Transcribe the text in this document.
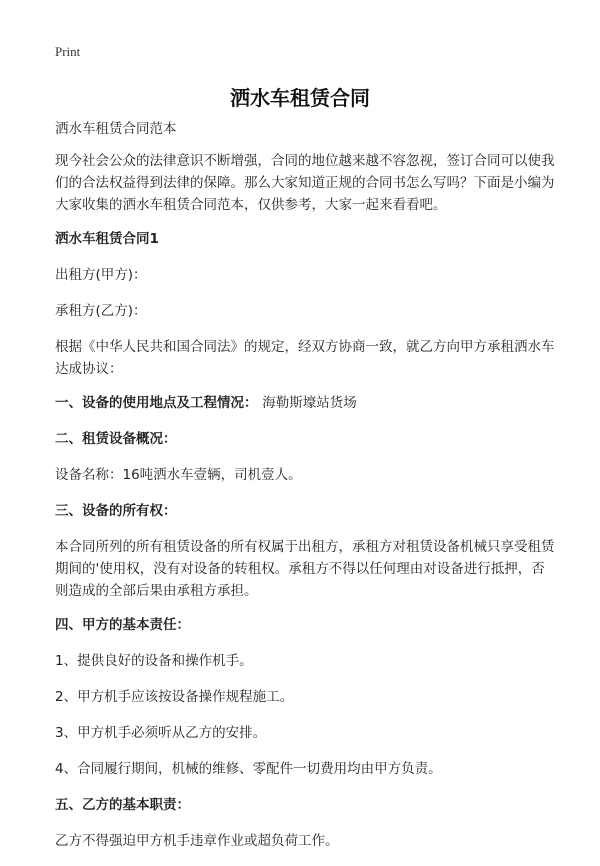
Print
洒水车租赁合同

洒水车租赁合同范本

现今社会公众的法律意识不断增强，合同的地位越来越不容忽视，签订合同可以使我们的合法权益得到法律的保障。那么大家知道正规的合同书怎么写吗？下面是小编为大家收集的洒水车租赁合同范本，仅供参考，大家一起来看看吧。

洒水车租赁合同1

出租方(甲方)：

承租方(乙方)：

根据《中华人民共和国合同法》的规定，经双方协商一致，就乙方向甲方承租洒水车达成协议：

一、设备的使用地点及工程情况： 海勒斯壕站货场

二、租赁设备概况：

设备名称：16吨洒水车壹辆，司机壹人。

三、设备的所有权：

本合同所列的所有租赁设备的所有权属于出租方，承租方对租赁设备机械只享受租赁期间的'使用权，没有对设备的转租权。承租方不得以任何理由对设备进行抵押，否则造成的全部后果由承租方承担。

四、甲方的基本责任：

1、提供良好的设备和操作机手。

2、甲方机手应该按设备操作规程施工。

3、甲方机手必须听从乙方的安排。

4、合同履行期间，机械的维修、零配件一切费用均由甲方负责。

五、乙方的基本职责：

乙方不得强迫甲方机手违章作业或超负荷工作。
